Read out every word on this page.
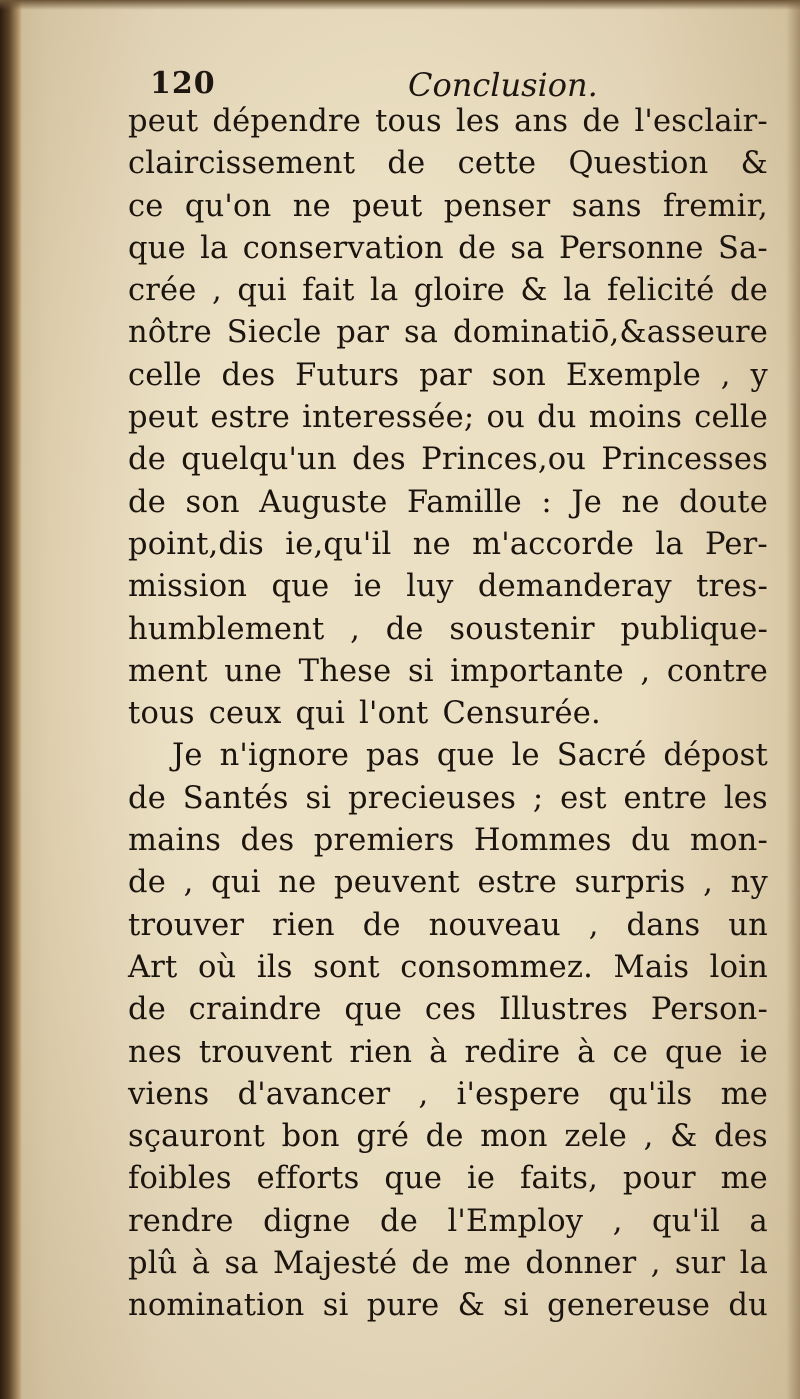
120	Conclusion.
peut dépendre tous les ans de l'esclair-
claircissement de cette Question &
ce qu'on ne peut penser sans fremir,
que la conservation de sa Personne Sa-
crée , qui fait la gloire & la felicité de
nôtre Siecle par sa dominatiō,&asseure
celle des Futurs par son Exemple , y
peut estre interessée; ou du moins celle
de quelqu'un des Princes,ou Princesses
de son Auguste Famille : Je ne doute
point,dis ie,qu'il ne m'accorde la Per-
mission que ie luy demanderay tres-
humblement , de soustenir publique-
ment une These si importante , contre
tous ceux qui l'ont Censurée.
Je n'ignore pas que le Sacré dépost
de Santés si precieuses ; est entre les
mains des premiers Hommes du mon-
de , qui ne peuvent estre surpris , ny
trouver rien de nouveau , dans un
Art où ils sont consommez. Mais loin
de craindre que ces Illustres Person-
nes trouvent rien à redire à ce que ie
viens d'avancer , i'espere qu'ils me
sçauront bon gré de mon zele , & des
foibles efforts que ie faits, pour me
rendre digne de l'Employ , qu'il a
plû à sa Majesté de me donner , sur la
nomination si pure & si genereuse du
